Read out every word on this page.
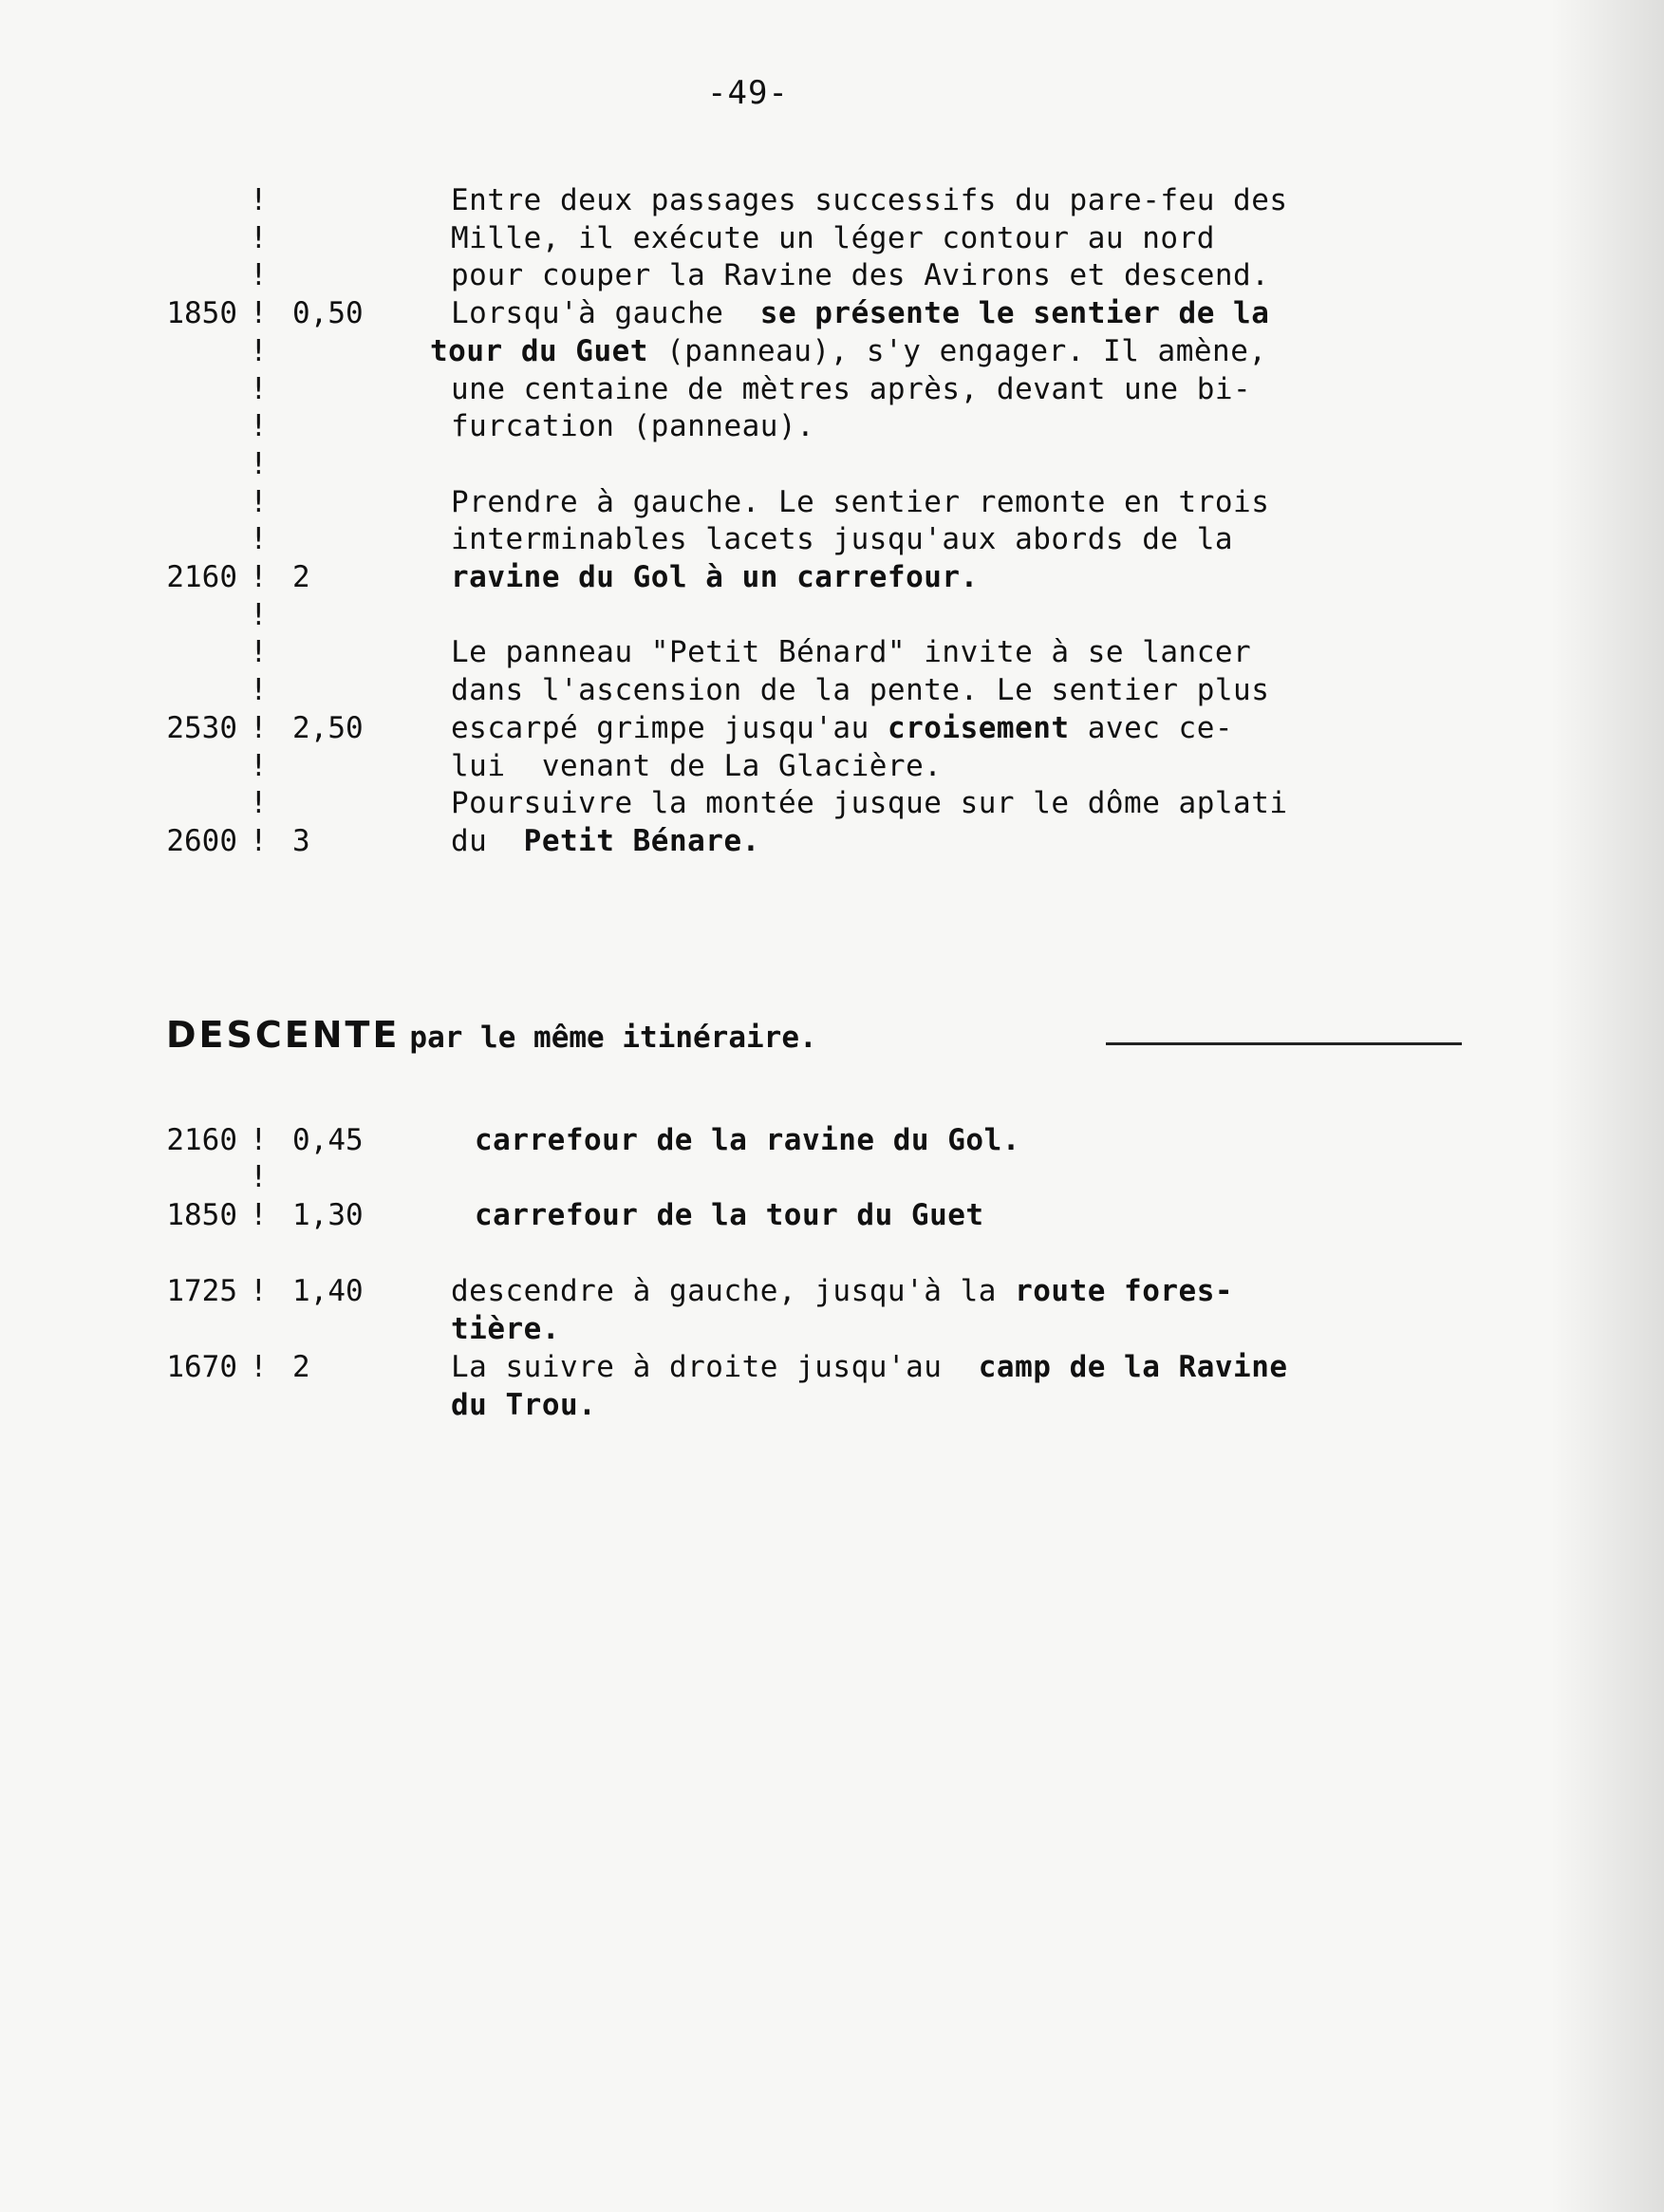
-49-
!	Entre deux passages successifs du pare-feu des
!	Mille, il exécute un léger contour au nord
!	pour couper la Ravine des Avirons et descend.
1850 ! 0,50	Lorsqu'à gauche  se présente le sentier de la
!	tour du Guet (panneau), s'y engager. Il amène,
!	une centaine de mètres après, devant une bi-
!	furcation (panneau).
!
!	Prendre à gauche. Le sentier remonte en trois
!	interminables lacets jusqu'aux abords de la
2160 ! 2	ravine du Gol à un carrefour.
!
!	Le panneau "Petit Bénard" invite à se lancer
!	dans l'ascension de la pente. Le sentier plus
2530 ! 2,50	escarpé grimpe jusqu'au croisement avec ce-
!	lui  venant de La Glacière.
!	Poursuivre la montée jusque sur le dôme aplati
2600 ! 3	du  Petit Bénare.
DESCENTE par le même itinéraire.
2160 ! 0,45	carrefour de la ravine du Gol.
!
1850 ! 1,30	carrefour de la tour du Guet
1725 ! 1,40	descendre à gauche, jusqu'à la route fores-
tière.
1670 ! 2	La suivre à droite jusqu'au  camp de la Ravine
du Trou.
